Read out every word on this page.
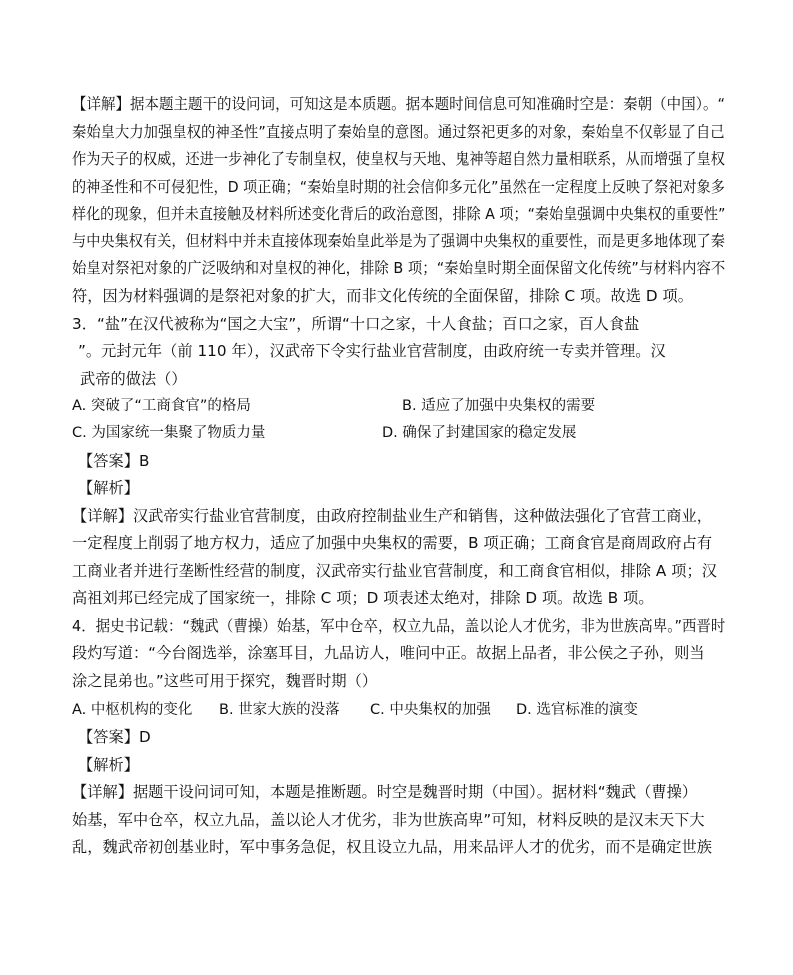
【详解】据本题主题干的设问词，可知这是本质题。据本题时间信息可知准确时空是：秦朝（中国）。“
秦始皇大力加强皇权的神圣性”直接点明了秦始皇的意图。通过祭祀更多的对象，秦始皇不仅彰显了自己
作为天子的权威，还进一步神化了专制皇权，使皇权与天地、鬼神等超自然力量相联系，从而增强了皇权
的神圣性和不可侵犯性，D 项正确；“秦始皇时期的社会信仰多元化”虽然在一定程度上反映了祭祀对象多
样化的现象，但并未直接触及材料所述变化背后的政治意图，排除 A 项；“秦始皇强调中央集权的重要性”
与中央集权有关，但材料中并未直接体现秦始皇此举是为了强调中央集权的重要性，而是更多地体现了秦
始皇对祭祀对象的广泛吸纳和对皇权的神化，排除 B 项；“秦始皇时期全面保留文化传统”与材料内容不
符，因为材料强调的是祭祀对象的扩大，而非文化传统的全面保留，排除 C 项。故选 D 项。
3．“盐”在汉代被称为“国之大宝”，所谓“十口之家，十人食盐；百口之家，百人食盐
”。元封元年（前 110 年），汉武帝下令实行盐业官营制度，由政府统一专卖并管理。汉
武帝的做法（）
A. 突破了“工商食官”的格局	B. 适应了加强中央集权的需要
C. 为国家统一集聚了物质力量	D. 确保了封建国家的稳定发展
【答案】B
【解析】
【详解】汉武帝实行盐业官营制度，由政府控制盐业生产和销售，这种做法强化了官营工商业，
一定程度上削弱了地方权力，适应了加强中央集权的需要，B 项正确；工商食官是商周政府占有
工商业者并进行垄断性经营的制度，汉武帝实行盐业官营制度，和工商食官相似，排除 A 项；汉
高祖刘邦已经完成了国家统一，排除 C 项；D 项表述太绝对，排除 D 项。故选 B 项。
4．据史书记载：“魏武（曹操）始基，军中仓卒，权立九品，盖以论人才优劣，非为世族高卑。”西晋时
段灼写道：“今台阁选举，涂塞耳目，九品访人，唯问中正。故据上品者，非公侯之子孙，则当
涂之昆弟也。”这些可用于探究，魏晋时期（）
A. 中枢机构的变化 B. 世家大族的没落 C. 中央集权的加强 D. 选官标准的演变
【答案】D
【解析】
【详解】据题干设问词可知，本题是推断题。时空是魏晋时期（中国）。据材料“魏武（曹操）
始基，军中仓卒，权立九品，盖以论人才优劣，非为世族高卑”可知，材料反映的是汉末天下大
乱，魏武帝初创基业时，军中事务急促，权且设立九品，用来品评人才的优劣，而不是确定世族
